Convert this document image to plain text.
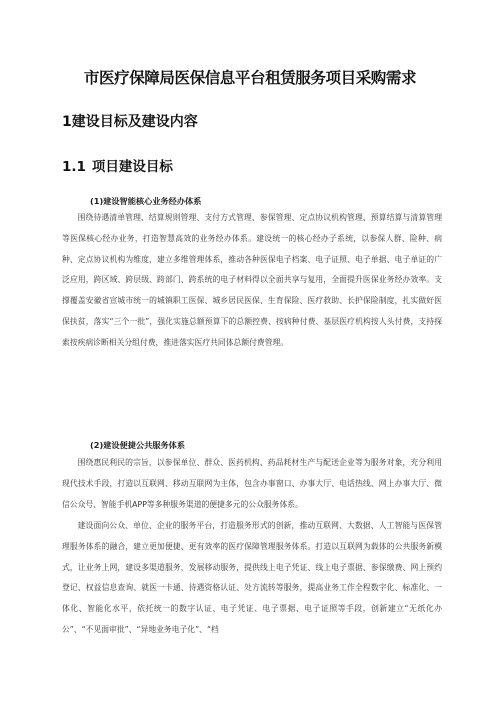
市医疗保障局医保信息平台租赁服务项目采购需求
1建设目标及建设内容
1.1 项目建设目标
(1)建设智能核心业务经办体系

围绕待遇清单管理、结算规则管理、支付方式管理、参保管理、定点协议机构管理、预算结算与清算管理等医保核心经办业务，打造智慧高效的业务经办体系。建设统一的核心经办子系统，以参保人群、险种、病种、定点协议机构为维度，建立多维管理体系，推动各种医保电子档案、电子证照、电子单据、电子单证的广泛应用，跨区域、跨层级、跨部门、跨系统的电子材料得以全面共享与复用，全面提升医保业务经办效率。支撑覆盖安徽省宣城市统一的城镇职工医保、城乡居民医保、生育保险、医疗救助、长护保险制度，扎实做好医保扶贫，落实“三个一批”，强化实施总额预算下的总额控费、按病种付费、基层医疗机构按人头付费，支持探索按疾病诊断相关分组付费，推进落实医疗共同体总额付费管理。

(2)建设便捷公共服务体系

围绕惠民利民的宗旨，以参保单位、群众、医药机构、药品耗材生产与配送企业等为服务对象，充分利用现代技术手段，打造以互联网、移动互联网为主体，包含办事窗口、办事大厅、电话热线、网上办事大厅、微信公众号、智能手机APP等多种服务渠道的便捷多元的公众服务体系。

建设面向公众、单位、企业的服务平台，打造服务形式的创新，推动互联网、大数据、人工智能与医保管理服务体系的融合，建立更加便捷、更有效率的医疗保障管理服务体系。打造以互联网为载体的公共服务新模式，让业务上网，建设多渠道服务，发展移动服务，提供线上电子凭证、线上电子票据、参保缴费、网上预约登记、权益信息查询、就医一卡通、待遇资格认证、处方流转等服务，提高业务工作全程数字化、标准化、一体化、智能化水平，依托统一的数字认证、电子凭证、电子票据、电子证照等手段，创新建立“无纸化办公”、“不见面审批”、“异地业务电子化”、“档
